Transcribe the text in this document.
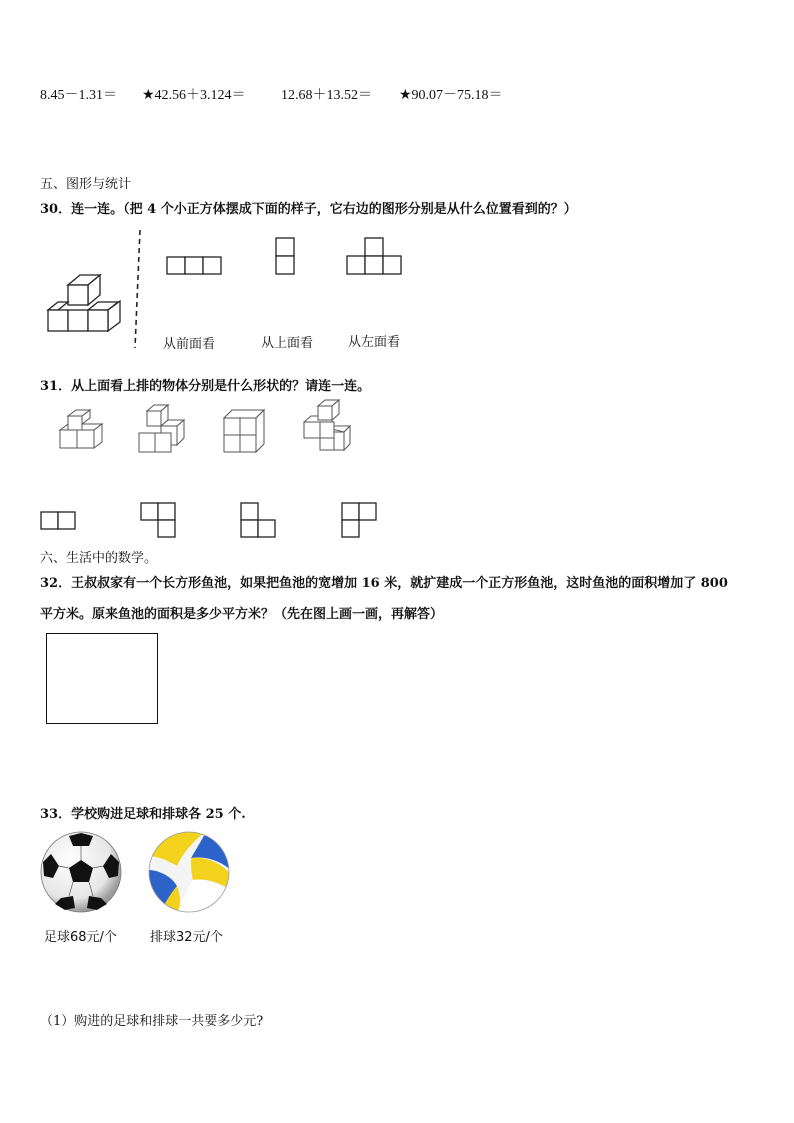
8.45－1.31＝ ★42.56＋3.124＝	12.68＋13.52＝ ★90.07－75.18＝
五、图形与统计
30．连一连。（把 4 个小正方体摆成下面的样子，它右边的图形分别是从什么位置看到的？）
从前面看	从上面看	从左面看
31．从上面看上排的物体分别是什么形状的？请连一连。
六、生活中的数学。
32．王叔叔家有一个长方形鱼池，如果把鱼池的宽增加 16 米，就扩建成一个正方形鱼池，这时鱼池的面积增加了 800
平方米。原来鱼池的面积是多少平方米？（先在图上画一画，再解答）
33．学校购进足球和排球各 25 个.
足球68元/个	排球32元/个
（1）购进的足球和排球一共要多少元?
